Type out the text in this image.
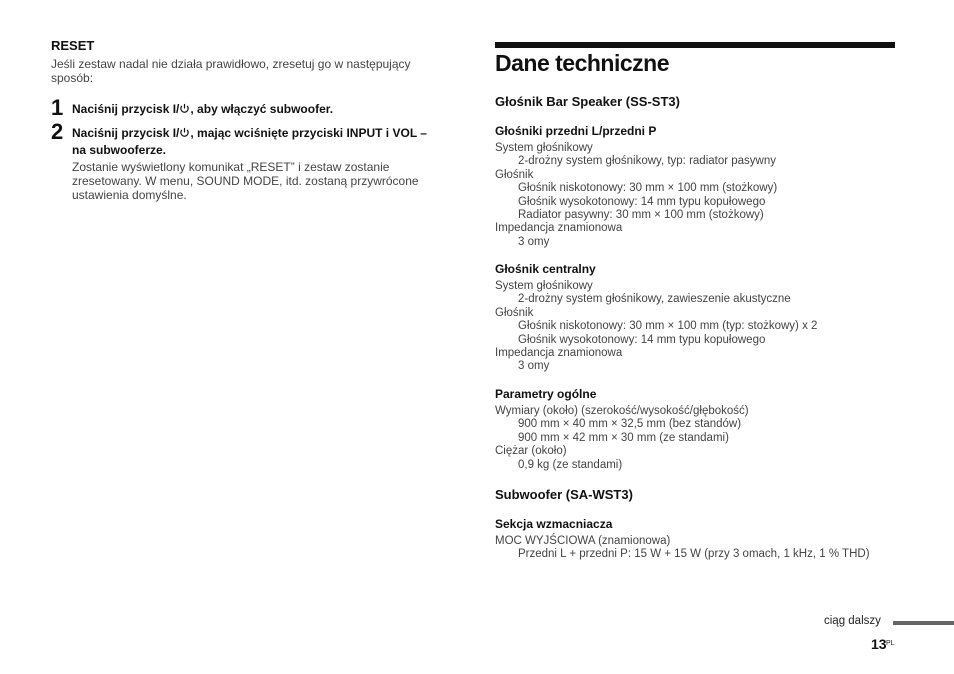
RESET
Jeśli zestaw nadal nie działa prawidłowo, zresetuj go w następujący
sposób:
1 Naciśnij przycisk I/ , aby włączyć subwoofer.
2 Naciśnij przycisk I/ , mając wciśnięte przyciski INPUT i VOL –
na subwooferze.
Zostanie wyświetlony komunikat „RESET” i zestaw zostanie
zresetowany. W menu, SOUND MODE, itd. zostaną przywrócone
ustawienia domyślne.
Dane techniczne
Głośnik Bar Speaker (SS-ST3)
Głośniki przedni L/przedni P
System głośnikowy
2-drożny system głośnikowy, typ: radiator pasywny
Głośnik
Głośnik niskotonowy: 30 mm × 100 mm (stożkowy)
Głośnik wysokotonowy: 14 mm typu kopułowego
Radiator pasywny: 30 mm × 100 mm (stożkowy)
Impedancja znamionowa
3 omy
Głośnik centralny
System głośnikowy
2-drożny system głośnikowy, zawieszenie akustyczne
Głośnik
Głośnik niskotonowy: 30 mm × 100 mm (typ: stożkowy) x 2
Głośnik wysokotonowy: 14 mm typu kopułowego
Impedancja znamionowa
3 omy
Parametry ogólne
Wymiary (około) (szerokość/wysokość/głębokość)
900 mm × 40 mm × 32,5 mm (bez standów)
900 mm × 42 mm × 30 mm (ze standami)
Ciężar (około)
0,9 kg (ze standami)
Subwoofer (SA-WST3)
Sekcja wzmacniacza
MOC WYJŚCIOWA (znamionowa)
Przedni L + przedni P: 15 W + 15 W (przy 3 omach, 1 kHz, 1 % THD)
ciąg dalszy
13 PL
